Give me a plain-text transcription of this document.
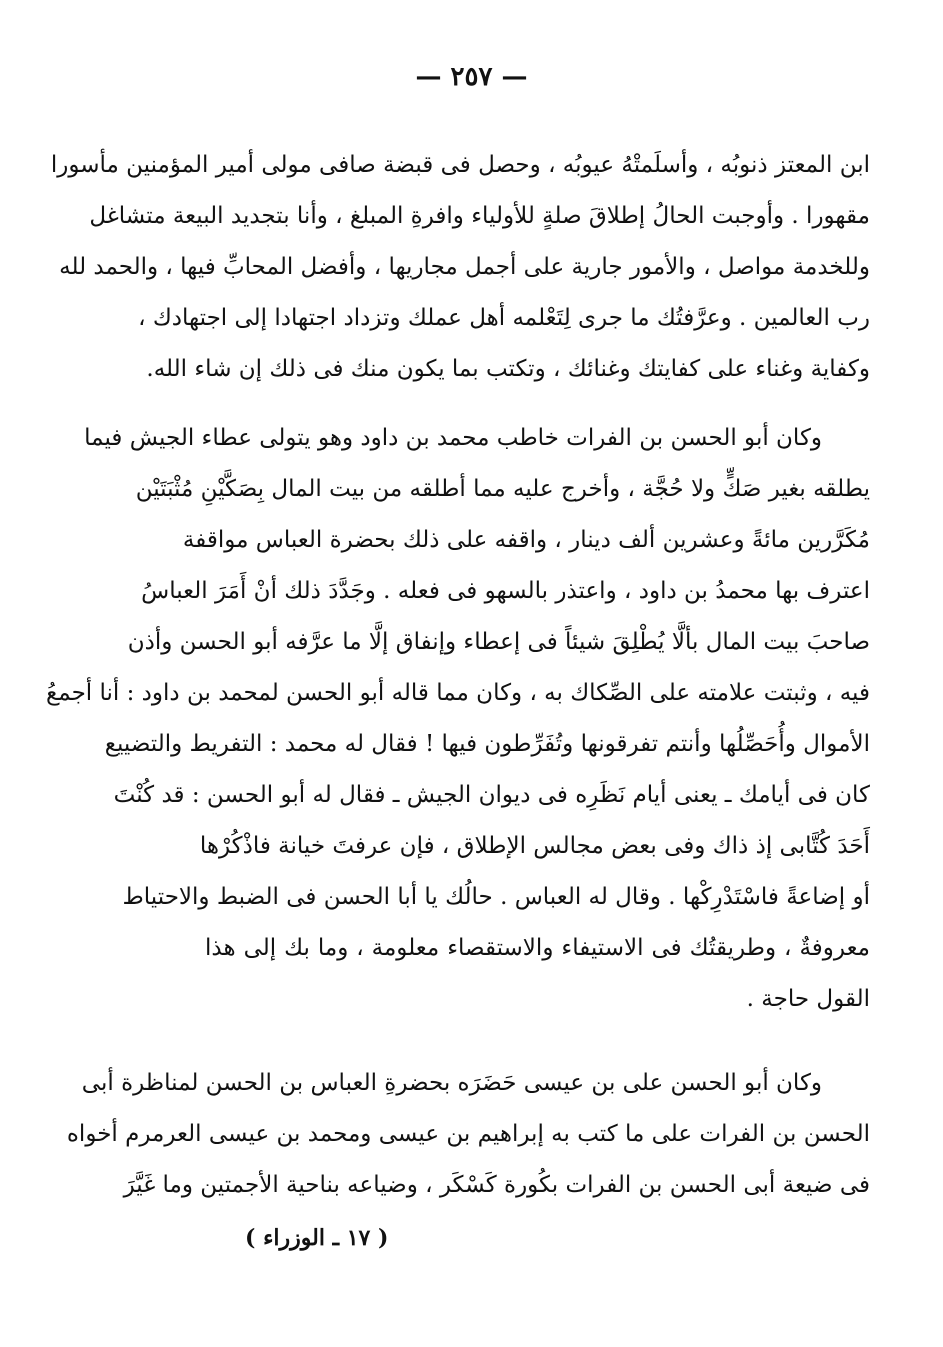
— ٢٥٧ —
ابن المعتز ذنوبُه ، وأسلَمتْهُ عيوبُه ، وحصل فى قبضة صافى مولى أمير المؤمنين مأسورا
مقهورا . وأوجبت الحالُ إطلاقَ صلةٍ للأولياء وافرةِ المبلغ ، وأنا بتجديد البيعة متشاغل
وللخدمة مواصل ، والأمور جارية على أجمل مجاريها ، وأفضل المحابِّ فيها ، والحمد لله
رب العالمين . وعرَّفتُك ما جرى لِتَعْلمه أهل عملك وتزداد اجتهادا إلى اجتهادك ،
وكفاية وغناء على كفايتك وغنائك ، وتكتب بما يكون منك فى ذلك إن شاء الله.
وكان أبو الحسن بن الفرات خاطب محمد بن داود وهو يتولى عطاء الجيش فيما
يطلقه بغير صَكٍّ ولا حُجَّة ، وأخرج عليه مما أطلقه من بيت المال بِصَكَّيْنِ مُثْبَتَيْن
مُكَرَّرين مائةً وعشرين ألف دينار ، واقفه على ذلك بحضرة العباس مواقفة
اعترف بها محمدُ بن داود ، واعتذر بالسهو فى فعله . وجَدَّدَ ذلك أنْ أَمَرَ العباسُ
صاحبَ بيت المال بألَّا يُطْلِقَ شيئاً فى إعطاء وإنفاق إلَّا ما عرَّفه أبو الحسن وأذن
فيه ، وثبتت علامته على الصِّكاك به ، وكان مما قاله أبو الحسن لمحمد بن داود : أنا أجمعُ
الأموال وأُحَصِّلُها وأنتم تفرقونها وتُفَرِّطون فيها ! فقال له محمد : التفريط والتضييع
كان فى أيامك ـ يعنى أيام نَظَرِه فى ديوان الجيش ـ فقال له أبو الحسن : قد كُنْتَ
أَحَدَ كُتَّابى إذ ذاك وفى بعض مجالس الإطلاق ، فإن عرفتَ خيانة فاذْكُرْها
أو إضاعةً فاسْتَدْرِكْها . وقال له العباس . حالُك يا أبا الحسن فى الضبط والاحتياط
معروفةٌ ، وطريقتُك فى الاستيفاء والاستقصاء معلومة ، وما بك إلى هذا
القول حاجة .
وكان أبو الحسن على بن عيسى حَضَرَه بحضرةِ العباس بن الحسن لمناظرة أبى
الحسن بن الفرات على ما كتب به إبراهيم بن عيسى ومحمد بن عيسى العرمرم أخواه
فى ضيعة أبى الحسن بن الفرات بكُورة كَسْكَر ، وضياعه بناحية الأجمتين وما غَيَّرَ
( ١٧ ـ الوزراء )
